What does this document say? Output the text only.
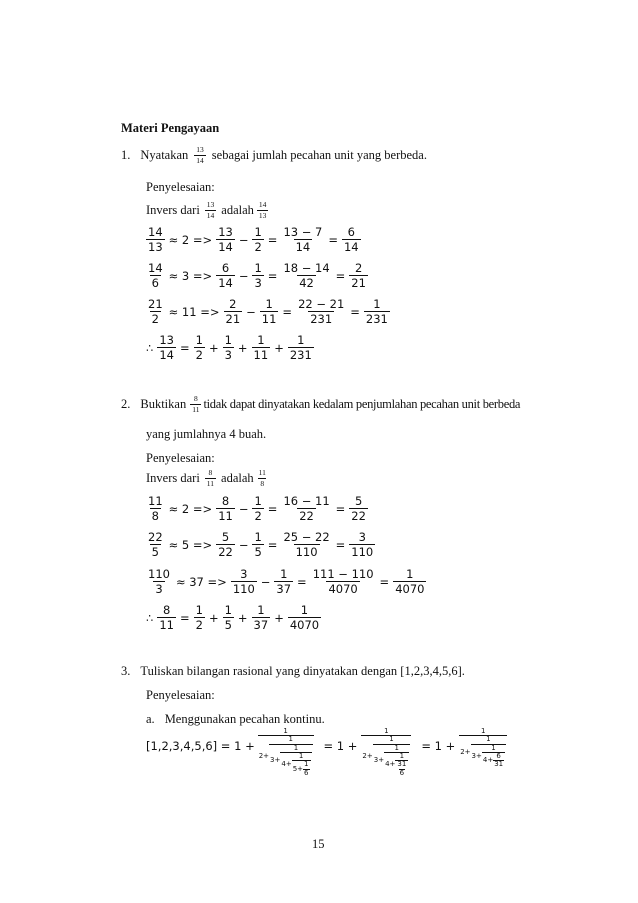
Materi Pengayaan
1. Nyatakan $\frac{13}{14}$ sebagai jumlah pecahan unit yang berbeda.
Penyelesaian:
Invers dari $\frac{13}{14}$ adalah $\frac{14}{13}$
$\frac{14}{13} \approx 2 => \frac{13}{14} - \frac{1}{2} = \frac{13 - 7}{14} = \frac{6}{14}$
$\frac{14}{6} \approx 3 => \frac{6}{14} - \frac{1}{3} = \frac{18 - 14}{42} = \frac{2}{21}$
$\frac{21}{2} \approx 11 => \frac{2}{21} - \frac{1}{11} = \frac{22 - 21}{231} = \frac{1}{231}$
∴ $\frac{13}{14} = \frac{1}{2} + \frac{1}{3} + \frac{1}{11} + \frac{1}{231}$
2. Buktikan $\frac{8}{11}$ tidak dapat dinyatakan kedalam penjumlahan pecahan unit berbeda
yang jumlahnya 4 buah.
Penyelesaian:
Invers dari $\frac{8}{11}$ adalah $\frac{11}{8}$
$\frac{11}{8} \approx 2 => \frac{8}{11} - \frac{1}{2} = \frac{16 - 11}{22} = \frac{5}{22}$
$\frac{22}{5} \approx 5 => \frac{5}{22} - \frac{1}{5} = \frac{25 - 22}{110} = \frac{3}{110}$
$\frac{110}{3} \approx 37 => \frac{3}{110} - \frac{1}{37} = \frac{111 - 110}{4070} = \frac{1}{4070}$
∴ $\frac{8}{11} = \frac{1}{2} + \frac{1}{5} + \frac{1}{37} + \frac{1}{4070}$
3. Tuliskan bilangan rasional yang dinyatakan dengan [1,2,3,4,5,6].
Penyelesaian:
a. Menggunakan pecahan kontinu.
$[1,2,3,4,5,6] = 1 + \frac{1}{2+ \frac{1}{3+ \frac{1}{4+ \frac{1}{5+ \frac{1}{6}}}}} = 1 + \frac{1}{2+ \frac{1}{3+ \frac{1}{4+ \frac{1}{\frac{31}{6}}}}} = 1 + \frac{1}{2+ \frac{1}{3+ \frac{1}{4+ \frac{6}{31}}}}$
15
